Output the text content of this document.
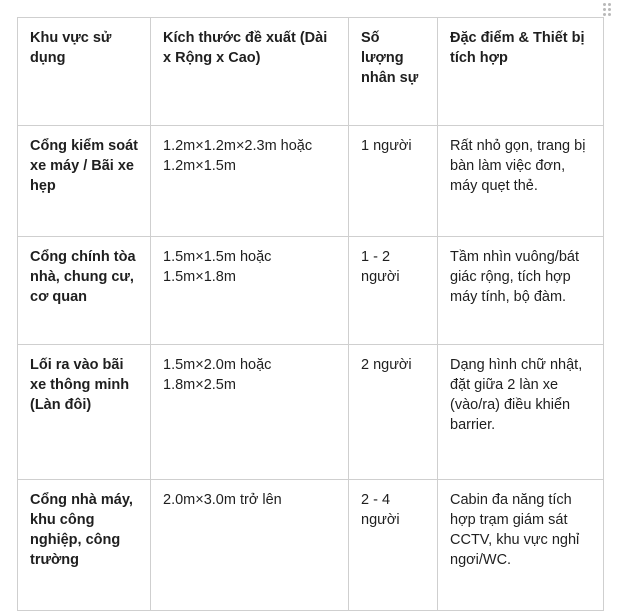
Khu vực sử dụng	Kích thước đề xuất (Dài x Rộng x Cao)	Số lượng nhân sự	Đặc điểm & Thiết bị tích hợp
Cổng kiểm soát xe máy / Bãi xe hẹp	1.2m×1.2m×2.3m hoặc 1.2m×1.5m	1 người	Rất nhỏ gọn, trang bị bàn làm việc đơn, máy quẹt thẻ.
Cổng chính tòa nhà, chung cư, cơ quan	1.5m×1.5m hoặc 1.5m×1.8m	1 - 2 người	Tầm nhìn vuông/bát giác rộng, tích hợp máy tính, bộ đàm.
Lối ra vào bãi xe thông minh (Làn đôi)	1.5m×2.0m hoặc 1.8m×2.5m	2 người	Dạng hình chữ nhật, đặt giữa 2 làn xe (vào/ra) điều khiển barrier.
Cổng nhà máy, khu công nghiệp, công trường	2.0m×3.0m trở lên	2 - 4 người	Cabin đa năng tích hợp trạm giám sát CCTV, khu vực nghỉ ngơi/WC.
